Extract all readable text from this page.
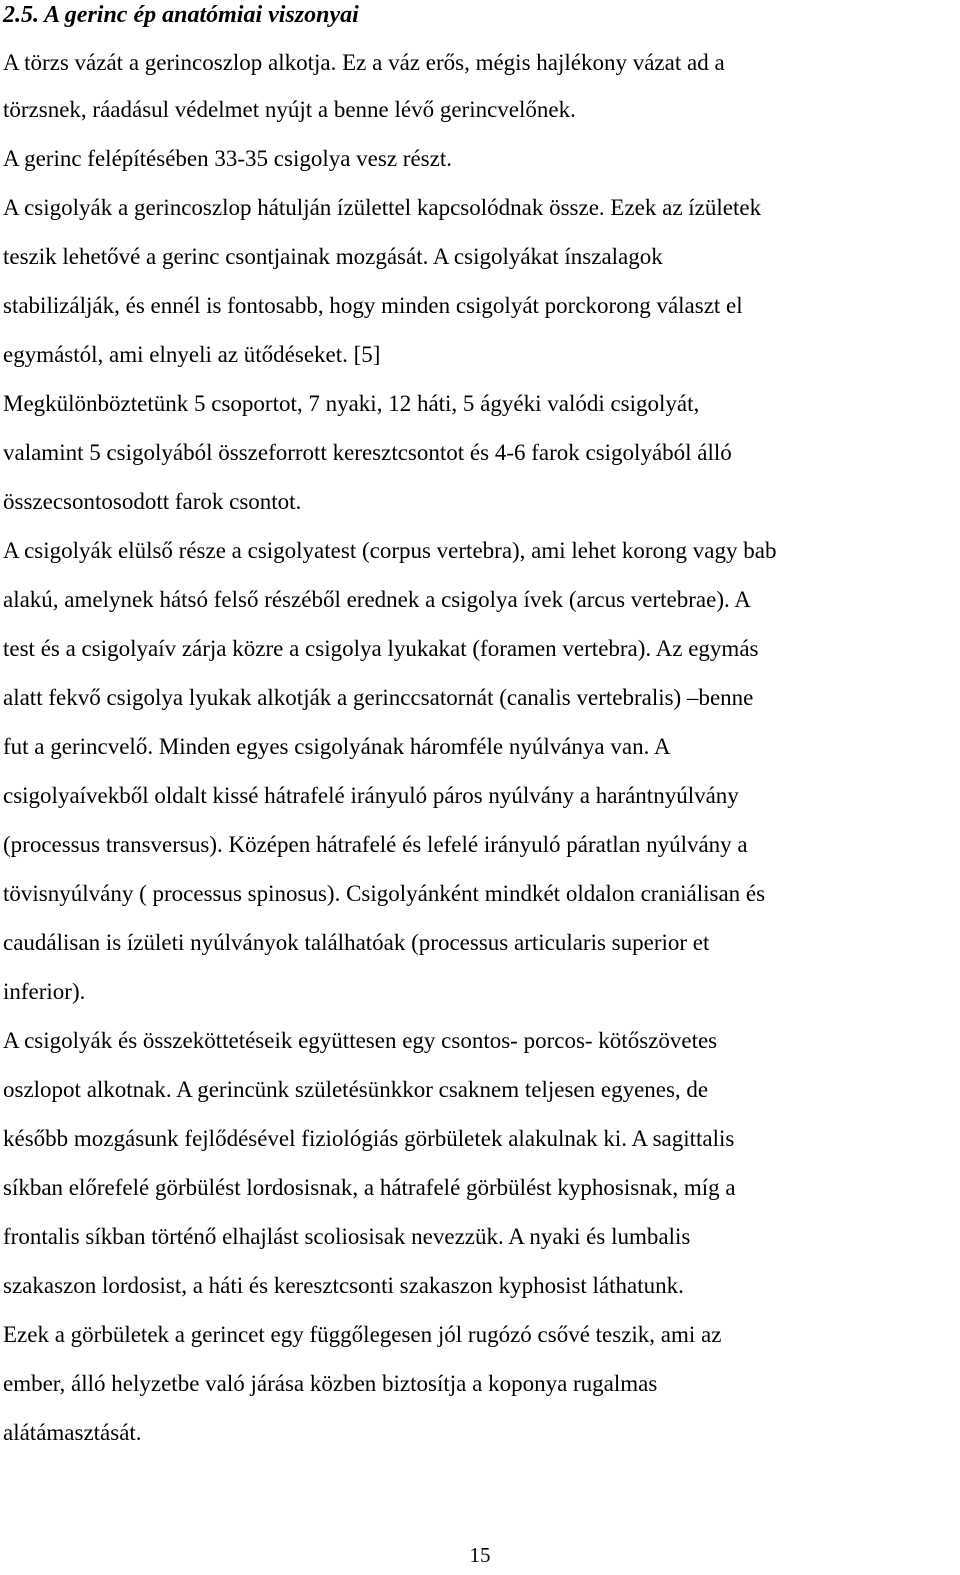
2.5. A gerinc ép anatómiai viszonyai

A törzs vázát a gerincoszlop alkotja. Ez a váz erős, mégis hajlékony vázat ad a

törzsnek, ráadásul védelmet nyújt a benne lévő gerincvelőnek.

A gerinc felépítésében 33-35 csigolya vesz részt.

A csigolyák a gerincoszlop hátulján ízülettel kapcsolódnak össze. Ezek az ízületek

teszik lehetővé a gerinc csontjainak mozgását. A csigolyákat ínszalagok

stabilizálják, és ennél is fontosabb, hogy minden csigolyát porckorong választ el

egymástól, ami elnyeli az ütődéseket. [5]

Megkülönböztetünk 5 csoportot, 7 nyaki, 12 háti, 5 ágyéki valódi csigolyát,

valamint 5 csigolyából összeforrott keresztcsontot és 4-6 farok csigolyából álló

összecsontosodott farok csontot.

A csigolyák elülső része a csigolyatest (corpus vertebra), ami lehet korong vagy bab

alakú, amelynek hátsó felső részéből erednek a csigolya ívek (arcus vertebrae). A

test és a csigolyaív zárja közre a csigolya lyukakat (foramen vertebra). Az egymás

alatt fekvő csigolya lyukak alkotják a gerinccsatornát (canalis vertebralis) –benne

fut a gerincvelő. Minden egyes csigolyának háromféle nyúlványa van. A

csigolyaívekből oldalt kissé hátrafelé irányuló páros nyúlvány a harántnyúlvány

(processus transversus). Középen hátrafelé és lefelé irányuló páratlan nyúlvány a

tövisnyúlvány ( processus spinosus). Csigolyánként mindkét oldalon craniálisan és

caudálisan is ízületi nyúlványok találhatóak (processus articularis superior et

inferior).

A csigolyák és összeköttetéseik együttesen egy csontos- porcos- kötőszövetes

oszlopot alkotnak. A gerincünk születésünkkor csaknem teljesen egyenes, de

később mozgásunk fejlődésével fiziológiás görbületek alakulnak ki. A sagittalis

síkban előrefelé görbülést lordosisnak, a hátrafelé görbülést kyphosisnak, míg a

frontalis síkban történő elhajlást scoliosisak nevezzük. A nyaki és lumbalis

szakaszon lordosist, a háti és keresztcsonti szakaszon kyphosist láthatunk.

Ezek a görbületek a gerincet egy függőlegesen jól rugózó csővé teszik, ami az

ember, álló helyzetbe való járása közben biztosítja a koponya rugalmas

alátámasztását.

15
